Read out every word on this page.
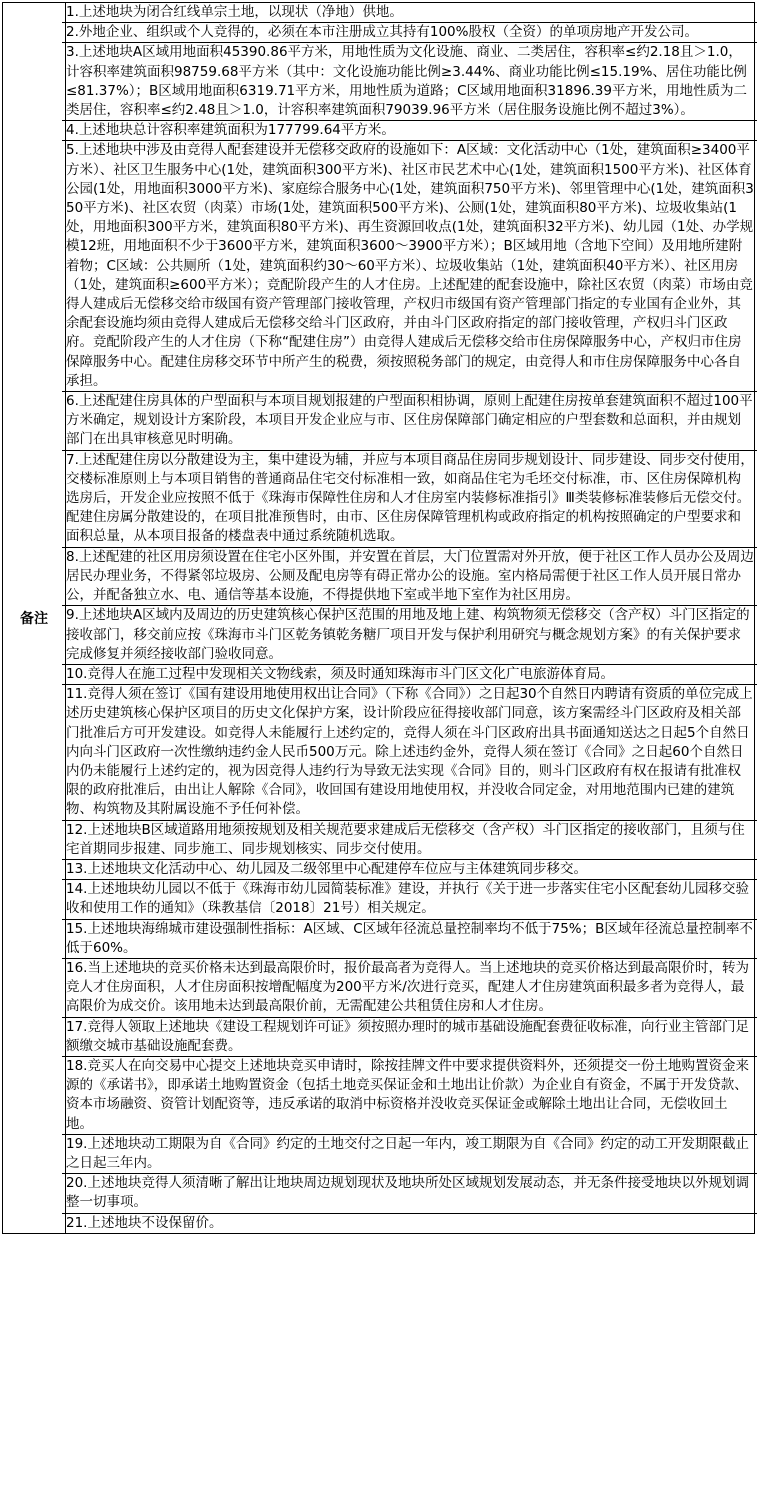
备注	
1.上述地块为闭合红线单宗土地，以现状（净地）供地。
2.外地企业、组织或个人竞得的，必须在本市注册成立其持有100%股权（全资）的单项房地产开发公司。
3.上述地块A区域用地面积45390.86平方米，用地性质为文化设施、商业、二类居住，容积率≤约2.18且＞1.0，计容积率建筑面积98759.68平方米（其中：文化设施功能比例≥3.44%、商业功能比例≤15.19%、居住功能比例≤81.37%）；B区域用地面积6319.71平方米，用地性质为道路；C区域用地面积31896.39平方米，用地性质为二类居住，容积率≤约2.48且＞1.0，计容积率建筑面积79039.96平方米（居住服务设施比例不超过3%）。
4.上述地块总计容积率建筑面积为177799.64平方米。
5.上述地块中涉及由竞得人配套建设并无偿移交政府的设施如下：A区域：文化活动中心（1处，建筑面积≥3400平方米）、社区卫生服务中心(1处，建筑面积300平方米)、社区市民艺术中心(1处，建筑面积1500平方米)、社区体育公园(1处，用地面积3000平方米)、家庭综合服务中心(1处，建筑面积750平方米)、邻里管理中心(1处，建筑面积350平方米)、社区农贸（肉菜）市场(1处，建筑面积500平方米)、公厕(1处，建筑面积80平方米)、垃圾收集站(1处，用地面积300平方米，建筑面积80平方米)、再生资源回收点(1处，建筑面积32平方米)、幼儿园（1处、办学规模12班，用地面积不少于3600平方米，建筑面积3600～3900平方米）；B区域用地（含地下空间）及用地所建附着物；C区域：公共厕所（1处，建筑面积约30～60平方米）、垃圾收集站（1处，建筑面积40平方米）、社区用房（1处，建筑面积≥600平方米）；竞配阶段产生的人才住房。上述配建的配套设施中，除社区农贸（肉菜）市场由竞得人建成后无偿移交给市级国有资产管理部门接收管理，产权归市级国有资产管理部门指定的专业国有企业外，其余配套设施均须由竞得人建成后无偿移交给斗门区政府，并由斗门区政府指定的部门接收管理，产权归斗门区政府。竞配阶段产生的人才住房（下称“配建住房”）由竞得人建成后无偿移交给市住房保障服务中心，产权归市住房保障服务中心。配建住房移交环节中所产生的税费，须按照税务部门的规定，由竞得人和市住房保障服务中心各自承担。
6.上述配建住房具体的户型面积与本项目规划报建的户型面积相协调，原则上配建住房按单套建筑面积不超过100平方米确定，规划设计方案阶段，本项目开发企业应与市、区住房保障部门确定相应的户型套数和总面积，并由规划部门在出具审核意见时明确。
7.上述配建住房以分散建设为主，集中建设为辅，并应与本项目商品住房同步规划设计、同步建设、同步交付使用，交楼标准原则上与本项目销售的普通商品住宅交付标准相一致，如商品住宅为毛坯交付标准，市、区住房保障机构选房后，开发企业应按照不低于《珠海市保障性住房和人才住房室内装修标准指引》Ⅲ类装修标准装修后无偿交付。配建住房属分散建设的，在项目批准预售时，由市、区住房保障管理机构或政府指定的机构按照确定的户型要求和面积总量，从本项目报备的楼盘表中通过系统随机选取。
8.上述配建的社区用房须设置在住宅小区外围，并安置在首层，大门位置需对外开放，便于社区工作人员办公及周边居民办理业务，不得紧邻垃圾房、公厕及配电房等有碍正常办公的设施。室内格局需便于社区工作人员开展日常办公，并配备独立水、电、通信等基本设施，不得提供地下室或半地下室作为社区用房。
9.上述地块A区域内及周边的历史建筑核心保护区范围的用地及地上建、构筑物须无偿移交（含产权）斗门区指定的接收部门，移交前应按《珠海市斗门区乾务镇乾务糖厂项目开发与保护利用研究与概念规划方案》的有关保护要求完成修复并须经接收部门验收同意。
10.竞得人在施工过程中发现相关文物线索，须及时通知珠海市斗门区文化广电旅游体育局。
11.竞得人须在签订《国有建设用地使用权出让合同》（下称《合同》）之日起30个自然日内聘请有资质的单位完成上述历史建筑核心保护区项目的历史文化保护方案，设计阶段应征得接收部门同意，该方案需经斗门区政府及相关部门批准后方可开发建设。如竞得人未能履行上述约定的，竞得人须在斗门区政府出具书面通知送达之日起5个自然日内向斗门区政府一次性缴纳违约金人民币500万元。除上述违约金外，竞得人须在签订《合同》之日起60个自然日内仍未能履行上述约定的，视为因竞得人违约行为导致无法实现《合同》目的，则斗门区政府有权在报请有批准权限的政府批准后，由出让人解除《合同》，收回国有建设用地使用权，并没收合同定金，对用地范围内已建的建筑物、构筑物及其附属设施不予任何补偿。
12.上述地块B区域道路用地须按规划及相关规范要求建成后无偿移交（含产权）斗门区指定的接收部门，且须与住宅首期同步报建、同步施工、同步规划核实、同步交付使用。
13.上述地块文化活动中心、幼儿园及二级邻里中心配建停车位应与主体建筑同步移交。
14.上述地块幼儿园以不低于《珠海市幼儿园简装标准》建设，并执行《关于进一步落实住宅小区配套幼儿园移交验收和使用工作的通知》（珠教基信〔2018〕21号）相关规定。
15.上述地块海绵城市建设强制性指标：A区域、C区域年径流总量控制率均不低于75%；B区域年径流总量控制率不低于60%。
16.当上述地块的竞买价格未达到最高限价时，报价最高者为竞得人。当上述地块的竞买价格达到最高限价时，转为竞人才住房面积，人才住房面积按增配幅度为200平方米/次进行竞买，配建人才住房建筑面积最多者为竞得人，最高限价为成交价。该用地未达到最高限价前，无需配建公共租赁住房和人才住房。
17.竞得人领取上述地块《建设工程规划许可证》须按照办理时的城市基础设施配套费征收标准，向行业主管部门足额缴交城市基础设施配套费。
18.竞买人在向交易中心提交上述地块竞买申请时，除按挂牌文件中要求提供资料外，还须提交一份土地购置资金来源的《承诺书》，即承诺土地购置资金（包括土地竞买保证金和土地出让价款）为企业自有资金，不属于开发贷款、资本市场融资、资管计划配资等，违反承诺的取消中标资格并没收竞买保证金或解除土地出让合同，无偿收回土地。
19.上述地块动工期限为自《合同》约定的土地交付之日起一年内，竣工期限为自《合同》约定的动工开发期限截止之日起三年内。
20.上述地块竞得人须清晰了解出让地块周边规划现状及地块所处区域规划发展动态，并无条件接受地块以外规划调整一切事项。
21.上述地块不设保留价。
